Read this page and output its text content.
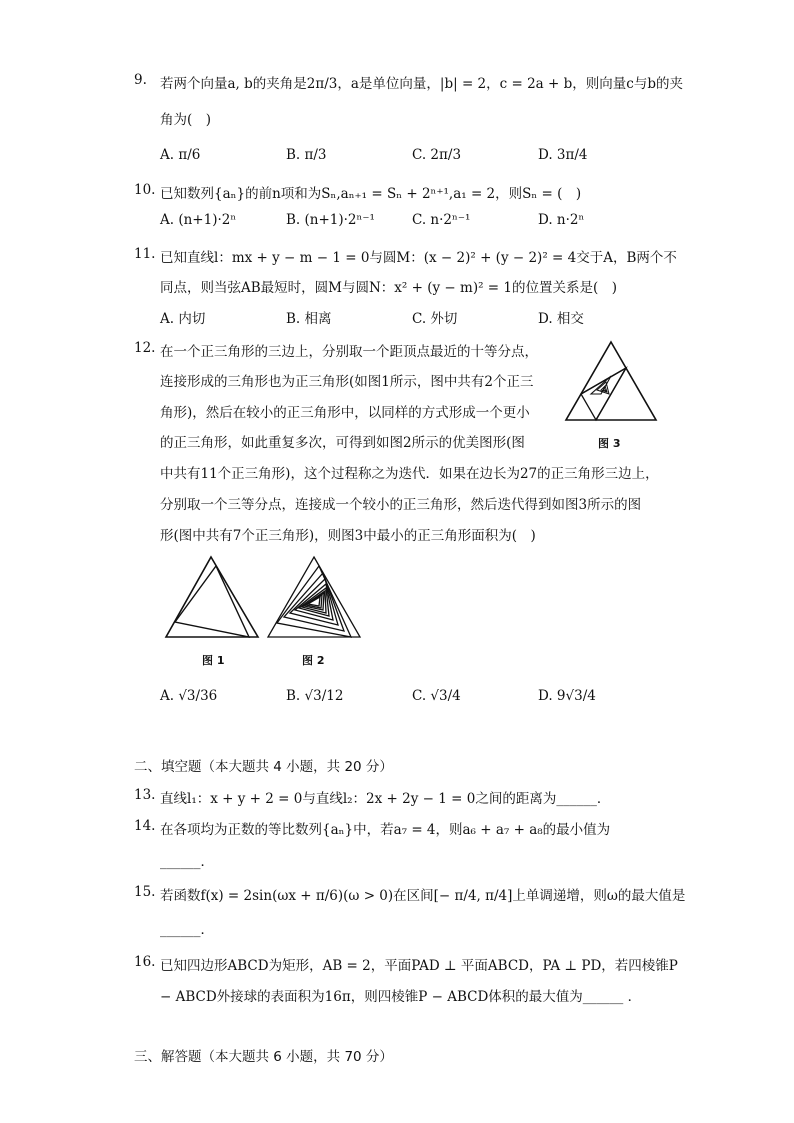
9. 若两个向量a, b的夹角是2π/3，a是单位向量，|b| = 2，c = 2a + b，则向量c与b的夹
角为(　)
A. π/6	B. π/3	C. 2π/3	D. 3π/4
10. 已知数列{aₙ}的前n项和为Sₙ,aₙ₊₁ = Sₙ + 2ⁿ⁺¹,a₁ = 2，则Sₙ = (　)
A. (n+1)·2ⁿ	B. (n+1)·2ⁿ⁻¹	C. n·2ⁿ⁻¹	D. n·2ⁿ
11. 已知直线l：mx + y − m − 1 = 0与圆M：(x − 2)² + (y − 2)² = 4交于A，B两个不
同点，则当弦AB最短时，圆M与圆N：x² + (y − m)² = 1的位置关系是(　)
A. 内切	B. 相离	C. 外切	D. 相交
12. 在一个正三角形的三边上，分别取一个距顶点最近的十等分点，
连接形成的三角形也为正三角形(如图1所示，图中共有2个正三
角形)，然后在较小的正三角形中，以同样的方式形成一个更小
的正三角形，如此重复多次，可得到如图2所示的优美图形(图
中共有11个正三角形)，这个过程称之为迭代．如果在边长为27的正三角形三边上，
分别取一个三等分点，连接成一个较小的正三角形，然后迭代得到如图3所示的图
形(图中共有7个正三角形)，则图3中最小的正三角形面积为(　)
图 3
图 1	图 2
A. √3/36	B. √3/12	C. √3/4	D. 9√3/4
二、填空题（本大题共 4 小题，共 20 分）
13. 直线l₁：x + y + 2 = 0与直线l₂：2x + 2y − 1 = 0之间的距离为______．
14. 在各项均为正数的等比数列{aₙ}中，若a₇ = 4，则a₆ + a₇ + a₈的最小值为
______．
15. 若函数f(x) = 2sin(ωx + π/6)(ω > 0)在区间[− π/4, π/4]上单调递增，则ω的最大值是
______．
16. 已知四边形ABCD为矩形，AB = 2，平面PAD ⊥ 平面ABCD，PA ⊥ PD，若四棱锥P
− ABCD外接球的表面积为16π，则四棱锥P − ABCD体积的最大值为______ ．
三、解答题（本大题共 6 小题，共 70 分）
